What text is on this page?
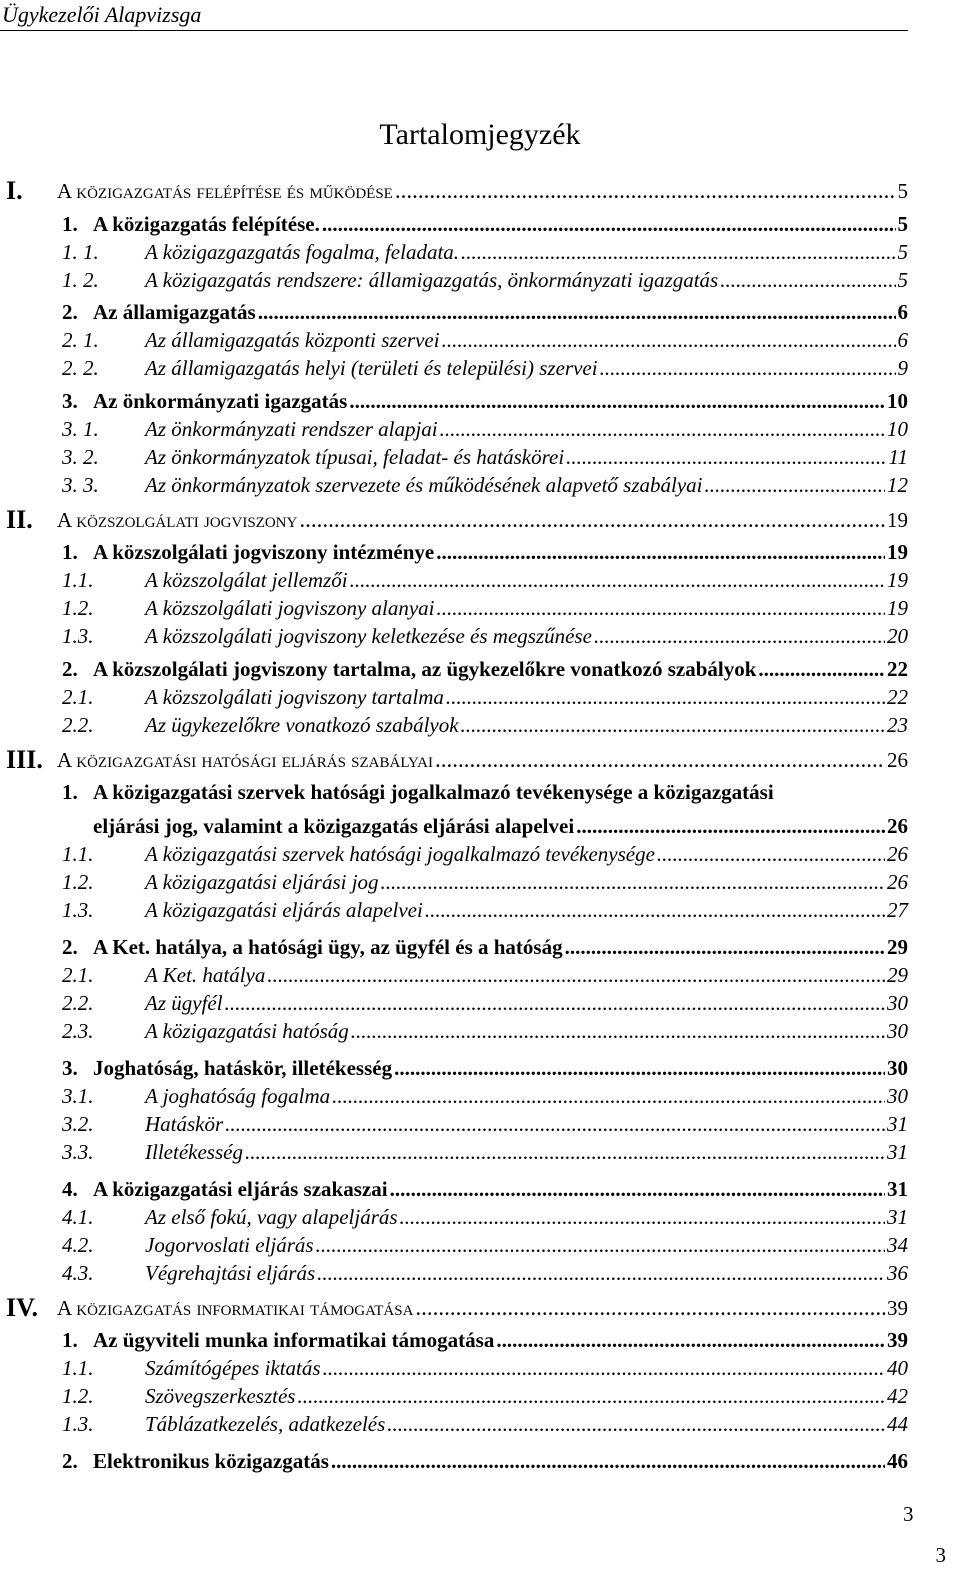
Ügykezelői Alapvizsga
Tartalomjegyzék
I. A közigazgatás felépítése és működése .....	5
1. A közigazgatás felépítése. .....	5
1. 1. A közigazgazgatás fogalma, feladata. .....	5
1. 2. A közigazgatás rendszere: államigazgatás, önkormányzati igazgatás .....	5
2. Az államigazgatás .....	6
2. 1. Az államigazgatás központi szervei .....	6
2. 2. Az államigazgatás helyi (területi és települési) szervei .....	9
3. Az önkormányzati igazgatás .....	10
3. 1. Az önkormányzati rendszer alapjai .....	10
3. 2. Az önkormányzatok típusai, feladat- és hatáskörei .....	11
3. 3. Az önkormányzatok szervezete és működésének alapvető szabályai .....	12
II. A közszolgálati jogviszony .....	19
1. A közszolgálati jogviszony intézménye .....	19
1.1. A közszolgálat jellemzői .....	19
1.2. A közszolgálati jogviszony alanyai .....	19
1.3. A közszolgálati jogviszony keletkezése és megszűnése .....	20
2. A közszolgálati jogviszony tartalma, az ügykezelőkre vonatkozó szabályok .....	22
2.1. A közszolgálati jogviszony tartalma .....	22
2.2. Az ügykezelőkre vonatkozó szabályok .....	23
III. A közigazgatási hatósági eljárás szabályai .....	26
1. A közigazgatási szervek hatósági jogalkalmazó tevékenysége a közigazgatási
eljárási jog, valamint a közigazgatás eljárási alapelvei .....	26
1.1. A közigazgatási szervek hatósági jogalkalmazó tevékenysége .....	26
1.2. A közigazgatási eljárási jog .....	26
1.3. A közigazgatási eljárás alapelvei .....	27
2. A Ket. hatálya, a hatósági ügy, az ügyfél és a hatóság .....	29
2.1. A Ket. hatálya .....	29
2.2. Az ügyfél .....	30
2.3. A közigazgatási hatóság .....	30
3. Joghatóság, hatáskör, illetékesség .....	30
3.1. A joghatóság fogalma .....	30
3.2. Hatáskör .....	31
3.3. Illetékesség .....	31
4. A közigazgatási eljárás szakaszai .....	31
4.1. Az első fokú, vagy alapeljárás .....	31
4.2. Jogorvoslati eljárás .....	34
4.3. Végrehajtási eljárás .....	36
IV. A közigazgatás informatikai támogatása .....	39
1. Az ügyviteli munka informatikai támogatása .....	39
1.1. Számítógépes iktatás .....	40
1.2. Szövegszerkesztés .....	42
1.3. Táblázatkezelés, adatkezelés .....	44
2. Elektronikus közigazgatás .....	46
3
3
